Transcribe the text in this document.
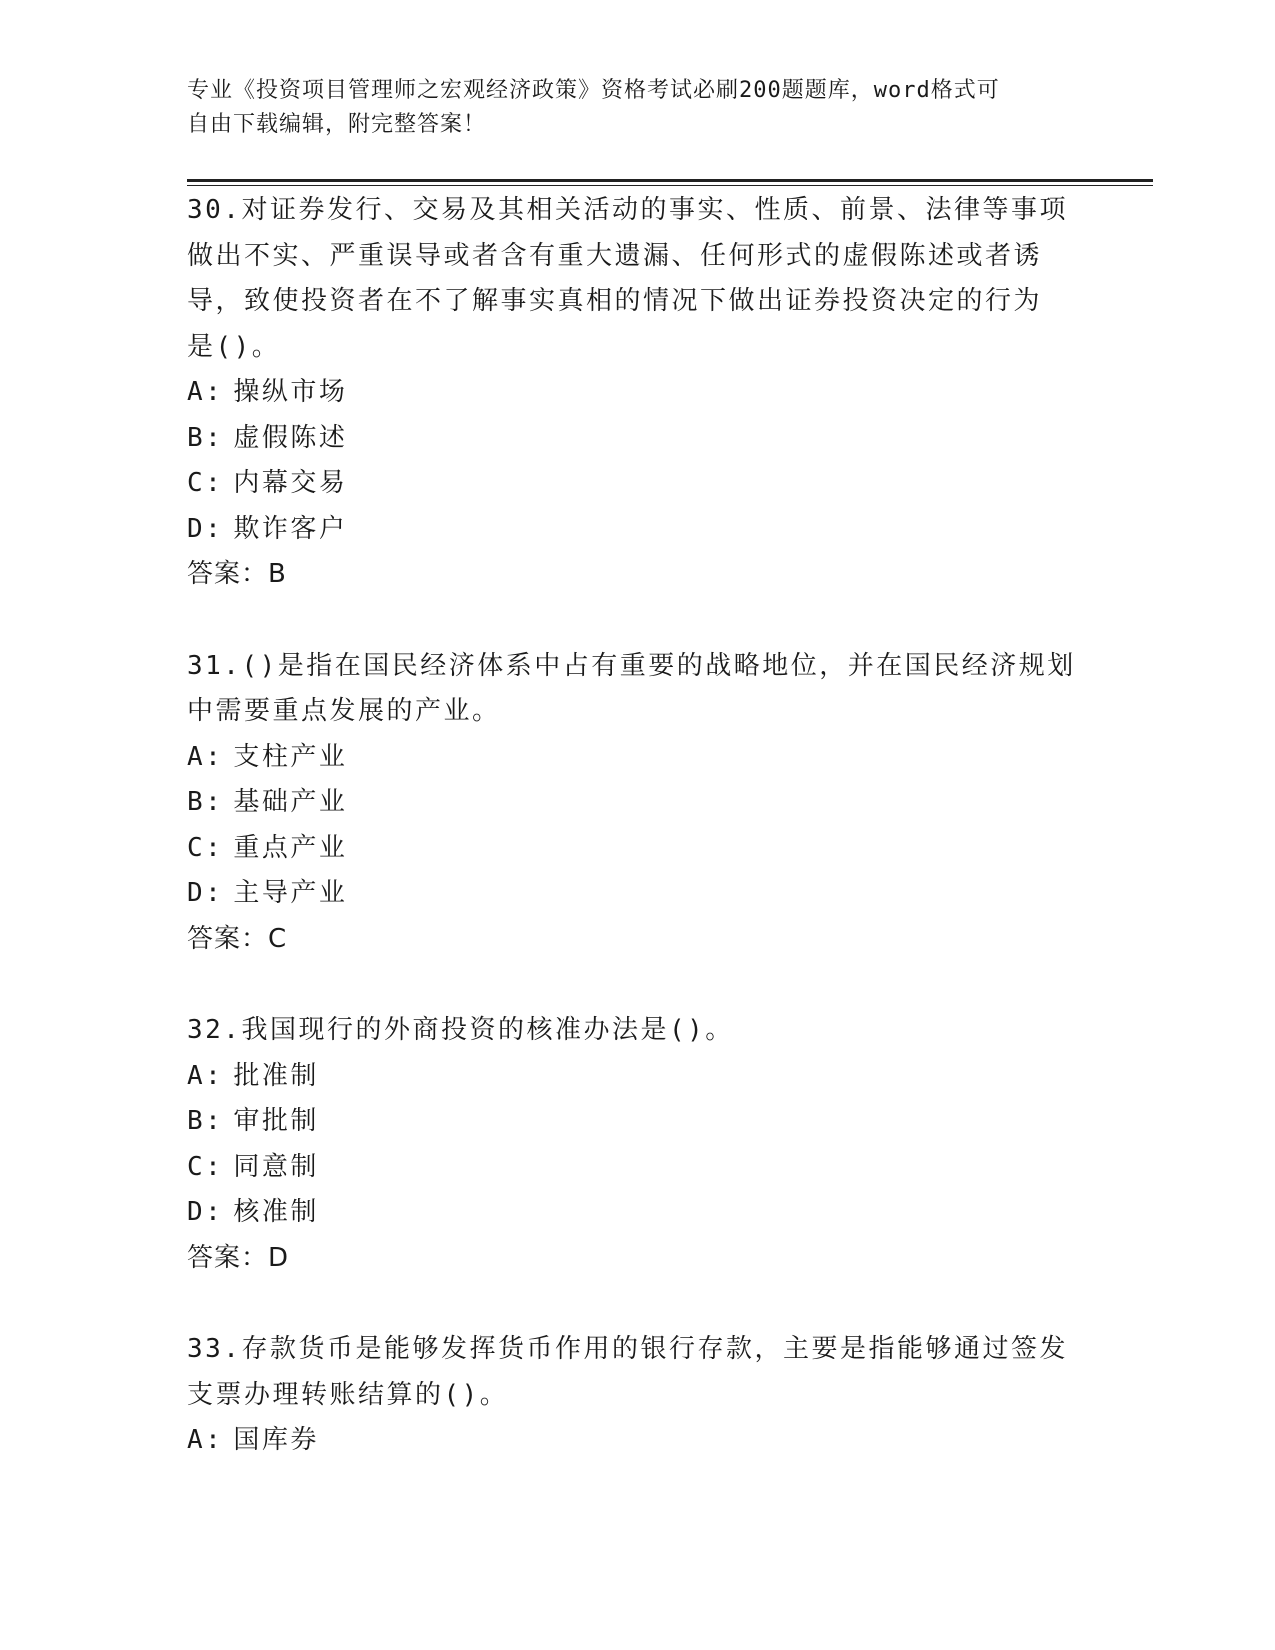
专业《投资项目管理师之宏观经济政策》资格考试必刷200题题库，word格式可
自由下载编辑，附完整答案！
30.对证券发行、交易及其相关活动的事实、性质、前景、法律等事项
做出不实、严重误导或者含有重大遗漏、任何形式的虚假陈述或者诱
导，致使投资者在不了解事实真相的情况下做出证券投资决定的行为
是()。
A: 操纵市场
B: 虚假陈述
C: 内幕交易
D: 欺诈客户
答案：B
31.()是指在国民经济体系中占有重要的战略地位，并在国民经济规划
中需要重点发展的产业。
A: 支柱产业
B: 基础产业
C: 重点产业
D: 主导产业
答案：C
32.我国现行的外商投资的核准办法是()。
A: 批准制
B: 审批制
C: 同意制
D: 核准制
答案：D
33.存款货币是能够发挥货币作用的银行存款，主要是指能够通过签发
支票办理转账结算的()。
A: 国库券
